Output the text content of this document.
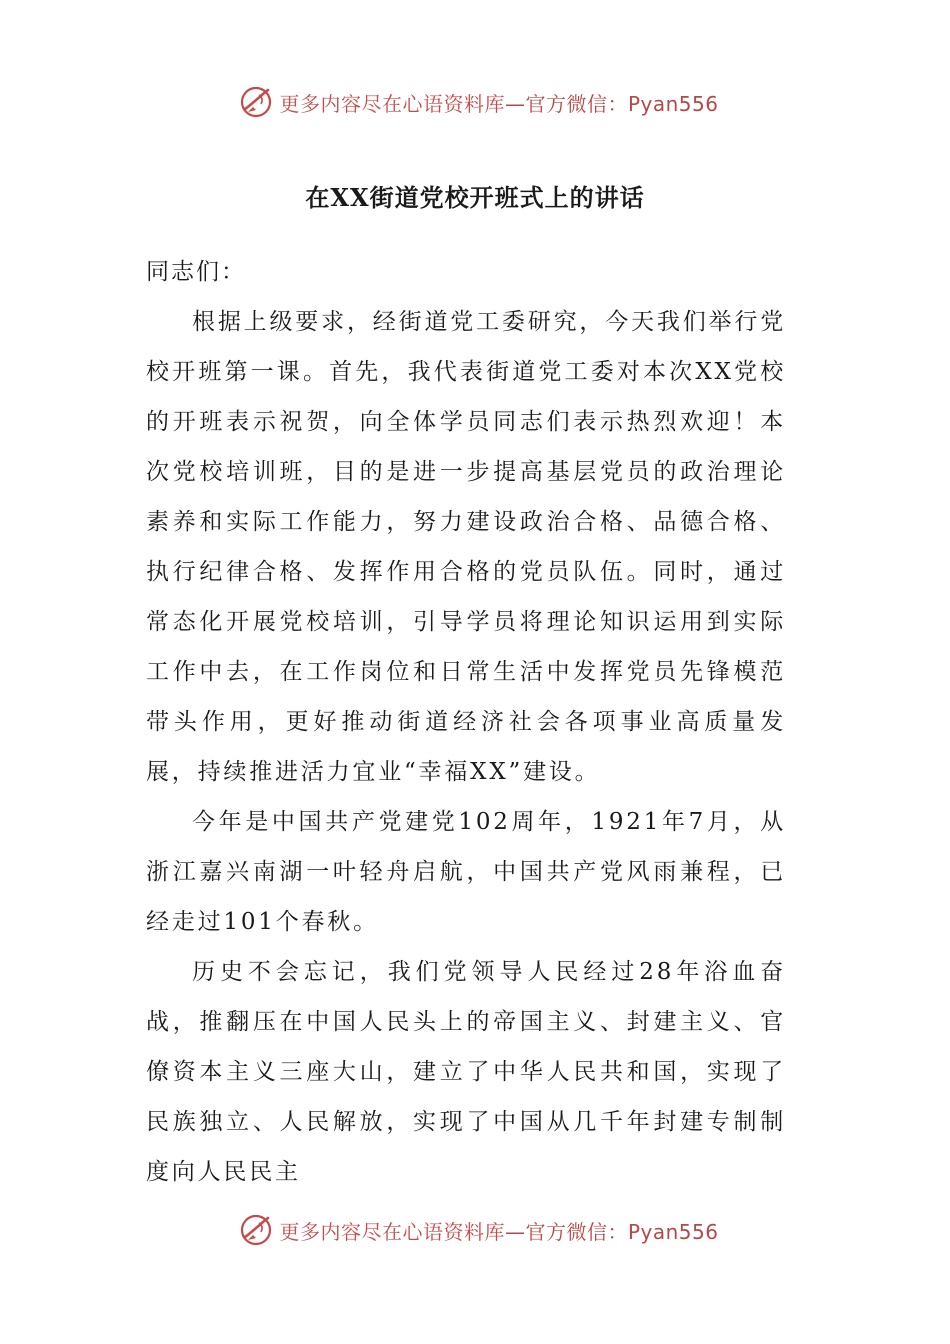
更多内容尽在心语资料库—官方微信：Pyan556
在XX街道党校开班式上的讲话

同志们：

根据上级要求，经街道党工委研究，今天我们举行党校开班第一课。首先，我代表街道党工委对本次XX党校的开班表示祝贺，向全体学员同志们表示热烈欢迎！本次党校培训班，目的是进一步提高基层党员的政治理论素养和实际工作能力，努力建设政治合格、品德合格、执行纪律合格、发挥作用合格的党员队伍。同时，通过常态化开展党校培训，引导学员将理论知识运用到实际工作中去，在工作岗位和日常生活中发挥党员先锋模范带头作用，更好推动街道经济社会各项事业高质量发展，持续推进活力宜业“幸福XX”建设。

今年是中国共产党建党102周年，1921年7月，从浙江嘉兴南湖一叶轻舟启航，中国共产党风雨兼程，已经走过101个春秋。

历史不会忘记，我们党领导人民经过28年浴血奋战，推翻压在中国人民头上的帝国主义、封建主义、官僚资本主义三座大山，建立了中华人民共和国，实现了民族独立、人民解放，实现了中国从几千年封建专制制度向人民民主

更多内容尽在心语资料库—官方微信：Pyan556
